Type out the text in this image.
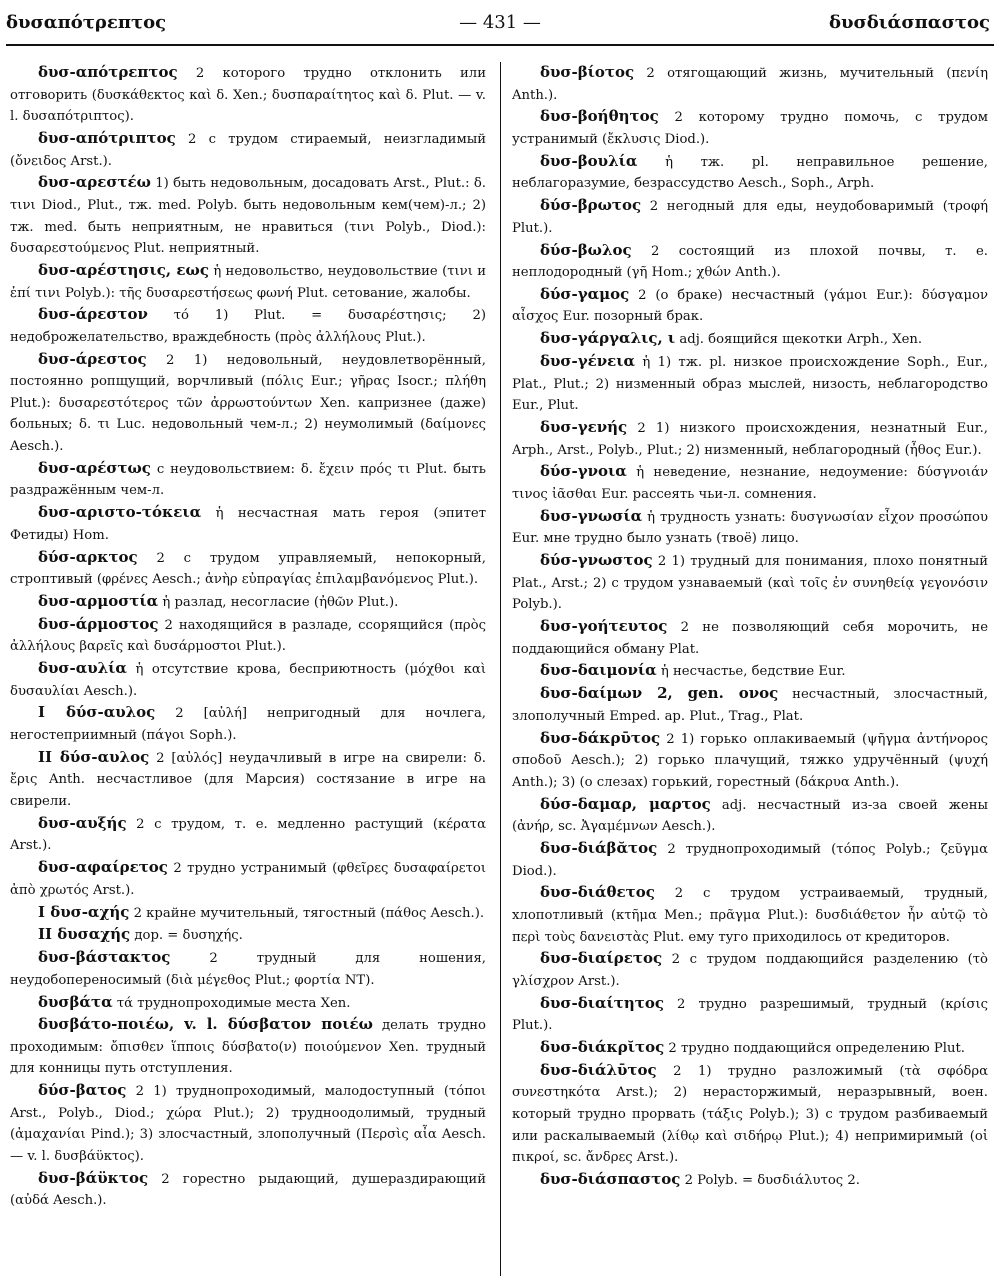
δυσαπότρεπτος	— 431 —	δυσδιάσπαστος

δυσ-απότρεπτος 2 которого трудно отклонить или отговорить (δυσκάθεκτος καὶ δ. Xen.; δυσπαραίτητος καὶ δ. Plut. — v. l. δυσαπότριπτος).

δυσ-απότριπτος 2 с трудом стираемый, неизгладимый (ὄνειδος Arst.).

δυσ-αρεστέω 1) быть недовольным, досадовать Arst., Plut.: δ. τινι Diod., Plut., тж. med. Polyb. быть недовольным кем(чем)-л.; 2) тж. med. быть неприятным, не нравиться (τινι Polyb., Diod.): δυσαρεστούμενος Plut. неприятный.

δυσ-αρέστησις, εως ἡ недовольство, неудовольствие (τινι и ἐπί τινι Polyb.): τῆς δυσαρεστήσεως φωνή Plut. сетование, жалобы.

δυσ-άρεστον τό 1) Plut. = δυσαρέστησις; 2) недоброжелательство, враждебность (πρὸς ἀλλήλους Plut.).

δυσ-άρεστος 2 1) недовольный, неудовлетворённый, постоянно ропщущий, ворчливый (πόλις Eur.; γῆρας Isocr.; πλήθη Plut.): δυσαρεστότερος τῶν ἀρρωστούντων Xen. капризнее (даже) больных; δ. τι Luc. недовольный чем-л.; 2) неумолимый (δαίμονες Aesch.).

δυσ-αρέστως с неудовольствием: δ. ἔχειν πρός τι Plut. быть раздражённым чем-л.

δυσ-αριστο-τόκεια ἡ несчастная мать героя (эпитет Фетиды) Hom.

δύσ-αρκτος 2 с трудом управляемый, непокорный, строптивый (φρένες Aesch.; ἀνὴρ εὐπραγίας ἐπιλαμβανόμενος Plut.).

δυσ-αρμοστία ἡ разлад, несогласие (ἠθῶν Plut.).

δυσ-άρμοστος 2 находящийся в разладе, ссорящийся (πρὸς ἀλλήλους βαρεῖς καὶ δυσάρμοστοι Plut.).

δυσ-αυλία ἡ отсутствие крова, бесприютность (μόχθοι καὶ δυσαυλίαι Aesch.).

I δύσ-αυλος 2 [αὐλή] непригодный для ночлега, негостеприимный (πάγοι Soph.).

II δύσ-αυλος 2 [αὐλός] неудачливый в игре на свирели: δ. ἔρις Anth. несчастливое (для Марсия) состязание в игре на свирели.

δυσ-αυξής 2 с трудом, т. е. медленно растущий (κέρατα Arst.).

δυσ-αφαίρετος 2 трудно устранимый (φθεῖρες δυσαφαίρετοι ἀπὸ χρωτός Arst.).

I δυσ-αχής 2 крайне мучительный, тягостный (πάθος Aesch.).

II δυσαχής дор. = δυσηχής.

δυσ-βάστακτος	2 трудный для ношения, неудобопереносимый (διὰ μέγεθος Plut.; φορτία NT).

δυσβάτα τά труднопроходимые места Xen.

δυσβάτο-ποιέω, v. l. δύσβατον ποιέω делать трудно проходимым: ὄπισθεν ἵπποις δύσβατο(ν) ποιούμενον Xen. трудный для конницы путь отступления.

δύσ-βατος 2 1) труднопроходимый, малодоступный (τόποι Arst., Polyb., Diod.; χώρα Plut.); 2) трудноодолимый, трудный (ἀμαχανίαι Pind.); 3) злосчастный, злополучный (Περσὶς αἶα Aesch. — v. l. δυσβάϋκτος).

δυσ-βάϋκτος 2 горестно рыдающий, душераздирающий (αὐδά Aesch.).

δυσ-βίοτος 2 отягощающий жизнь, мучительный (πενίη Anth.).

δυσ-βοήθητος 2 которому трудно помочь, с трудом устранимый (ἔκλυσις Diod.).

δυσ-βουλία ἡ тж. pl. неправильное решение, неблагоразумие, безрассудство Aesch., Soph., Arph.

δύσ-βρωτος 2 негодный для еды, неудобоваримый (τροφή Plut.).

δύσ-βωλος 2 состоящий из плохой почвы, т. е. неплодородный (γῆ Hom.; χθών Anth.).

δύσ-γαμος 2 (о браке) несчастный (γάμοι Eur.): δύσγαμον αἶσχος Eur. позорный брак.

δυσ-γάργαλις, ι adj. боящийся щекотки Arph., Xen.

δυσ-γένεια ἡ 1) тж. pl. низкое происхождение Soph., Eur., Plat., Plut.; 2) низменный образ мыслей, низость, неблагородство Eur., Plut.

δυσ-γενής 2 1) низкого происхождения, незнатный Eur., Arph., Arst., Polyb., Plut.; 2) низменный, неблагородный (ἦθος Eur.).

δύσ-γνοια ἡ неведение, незнание, недоумение: δύσγνοιάν τινος ἰᾶσθαι Eur. рассеять чьи-л. сомнения.

δυσ-γνωσία ἡ трудность узнать: δυσγνωσίαν εἶχον προσώπου Eur. мне трудно было узнать (твоё) лицо.

δύσ-γνωστος 2 1) трудный для понимания, плохо понятный Plat., Arst.; 2) с трудом узнаваемый (καὶ τοῖς ἐν συνηθείᾳ γεγονόσιν Polyb.).

δυσ-γοήτευτος 2 не позволяющий себя морочить, не поддающийся обману Plat.

δυσ-δαιμονία ἡ несчастье, бедствие Eur.

δυσ-δαίμων 2, gen. ονος несчастный, злосчастный, злополучный Emped. ap. Plut., Trag., Plat.

δυσ-δάκρῡτος 2 1) горько оплакиваемый (ψῆγμα ἀντήνορος σποδοῦ Aesch.); 2) горько плачущий, тяжко удручённый (ψυχή Anth.); 3) (о слезах) горький, горестный (δάκρυα Anth.).

δύσ-δαμαρ, μαρτος adj. несчастный из-за своей жены (ἀνήρ, sc. Ἀγαμέμνων Aesch.).

δυσ-διάβᾰτος 2 труднопроходимый (τόπος Polyb.; ζεῦγμα Diod.).

δυσ-διάθετος 2 с трудом устраиваемый, трудный, хлопотливый (κτῆμα Men.; πρᾶγμα Plut.): δυσδιάθετον ἦν αὐτῷ τὸ περὶ τοὺς δανειστὰς Plut. ему туго приходилось от кредиторов.

δυσ-διαίρετος 2 с трудом поддающийся разделению (τὸ γλίσχρον Arst.).

δυσ-διαίτητος 2 трудно разрешимый, трудный (κρίσις Plut.).

δυσ-διάκρῐτος 2 трудно поддающийся определению Plut.

δυσ-διάλῡτος 2 1) трудно разложимый (τὰ σφόδρα συνεστηκότα Arst.); 2) нерасторжимый, неразрывный, воен. который трудно прорвать (τάξις Polyb.); 3) с трудом разбиваемый или раскалываемый (λίθῳ καὶ σιδήρῳ Plut.); 4) непримиримый (οἱ πικροί, sc. ἄνδρες Arst.).

δυσ-διάσπαστος 2 Polyb. = δυσδιάλυτος 2.
